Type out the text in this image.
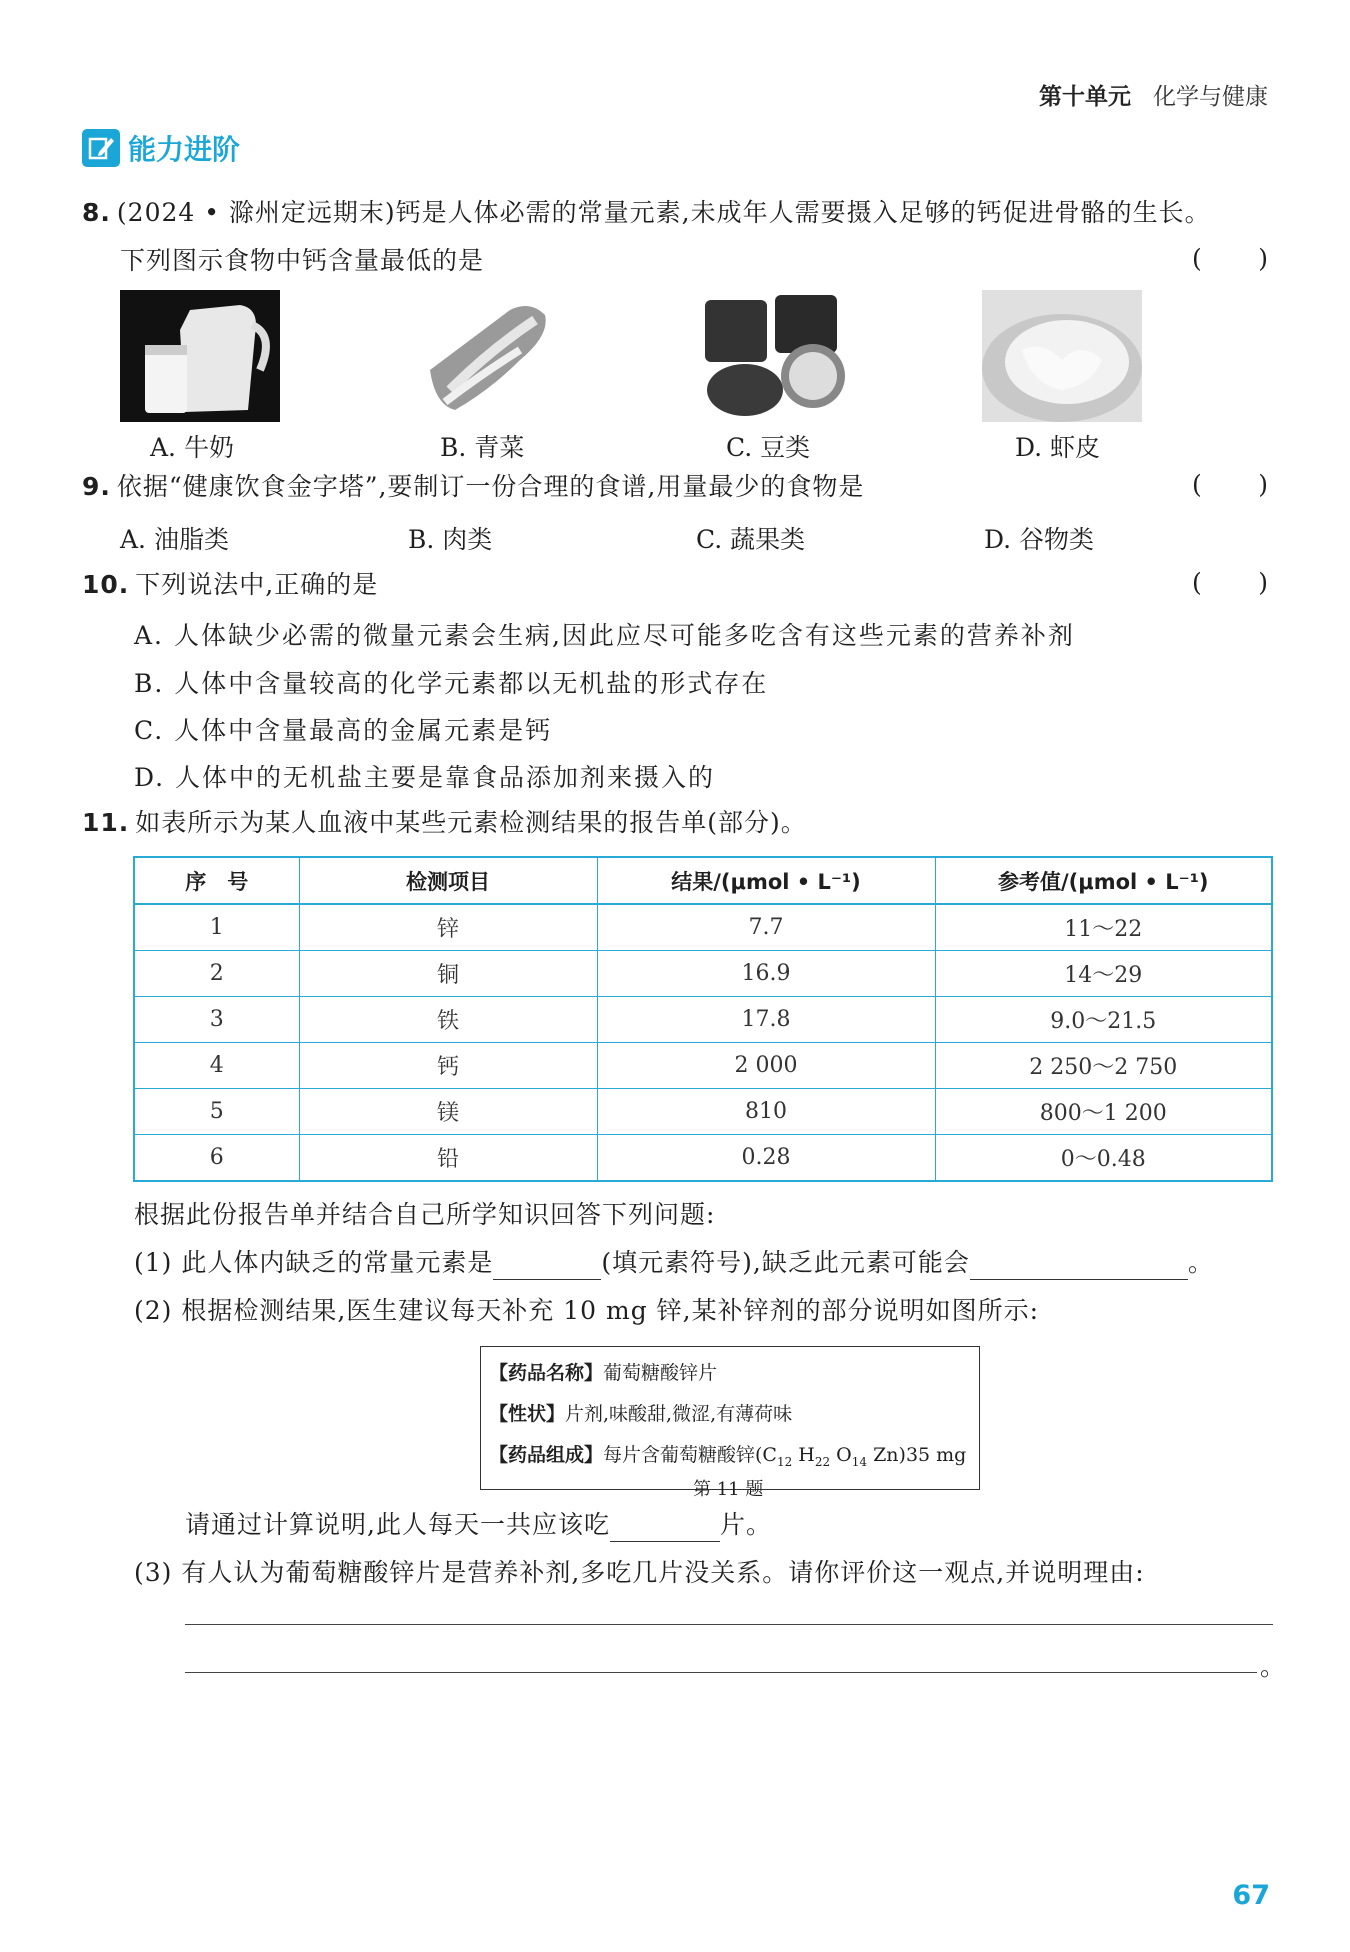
第十单元 化学与健康
能力进阶
8. (2024 • 滁州定远期末)钙是人体必需的常量元素,未成年人需要摄入足够的钙促进骨骼的生长。
下列图示食物中钙含量最低的是	( )
A. 牛奶	B. 青菜	C. 豆类	D. 虾皮
9. 依据“健康饮食金字塔”,要制订一份合理的食谱,用量最少的食物是	( )
A. 油脂类	B. 肉类	C. 蔬果类	D. 谷物类
10. 下列说法中,正确的是	( )
A. 人体缺少必需的微量元素会生病,因此应尽可能多吃含有这些元素的营养补剂
B. 人体中含量较高的化学元素都以无机盐的形式存在
C. 人体中含量最高的金属元素是钙
D. 人体中的无机盐主要是靠食品添加剂来摄入的
11. 如表所示为某人血液中某些元素检测结果的报告单(部分)。
序　号	检测项目	结果/(μmol • L⁻¹)	参考值/(μmol • L⁻¹)
1	锌	7.7	11～22
2	铜	16.9	14～29
3	铁	17.8	9.0～21.5
4	钙	2 000	2 250～2 750
5	镁	810	800～1 200
6	铅	0.28	0～0.48
根据此份报告单并结合自己所学知识回答下列问题:
(1) 此人体内缺乏的常量元素是	(填元素符号),缺乏此元素可能会	。
(2) 根据检测结果,医生建议每天补充 10 mg 锌,某补锌剂的部分说明如图所示:
【药品名称】葡萄糖酸锌片
【性状】片剂,味酸甜,微涩,有薄荷味
【药品组成】每片含葡萄糖酸锌($C_{12}$ $H_{22}$ $O_{14}$ Zn)35 mg
第 11 题
请通过计算说明,此人每天一共应该吃	片。
(3) 有人认为葡萄糖酸锌片是营养补剂,多吃几片没关系。请你评价这一观点,并说明理由:
。
67
